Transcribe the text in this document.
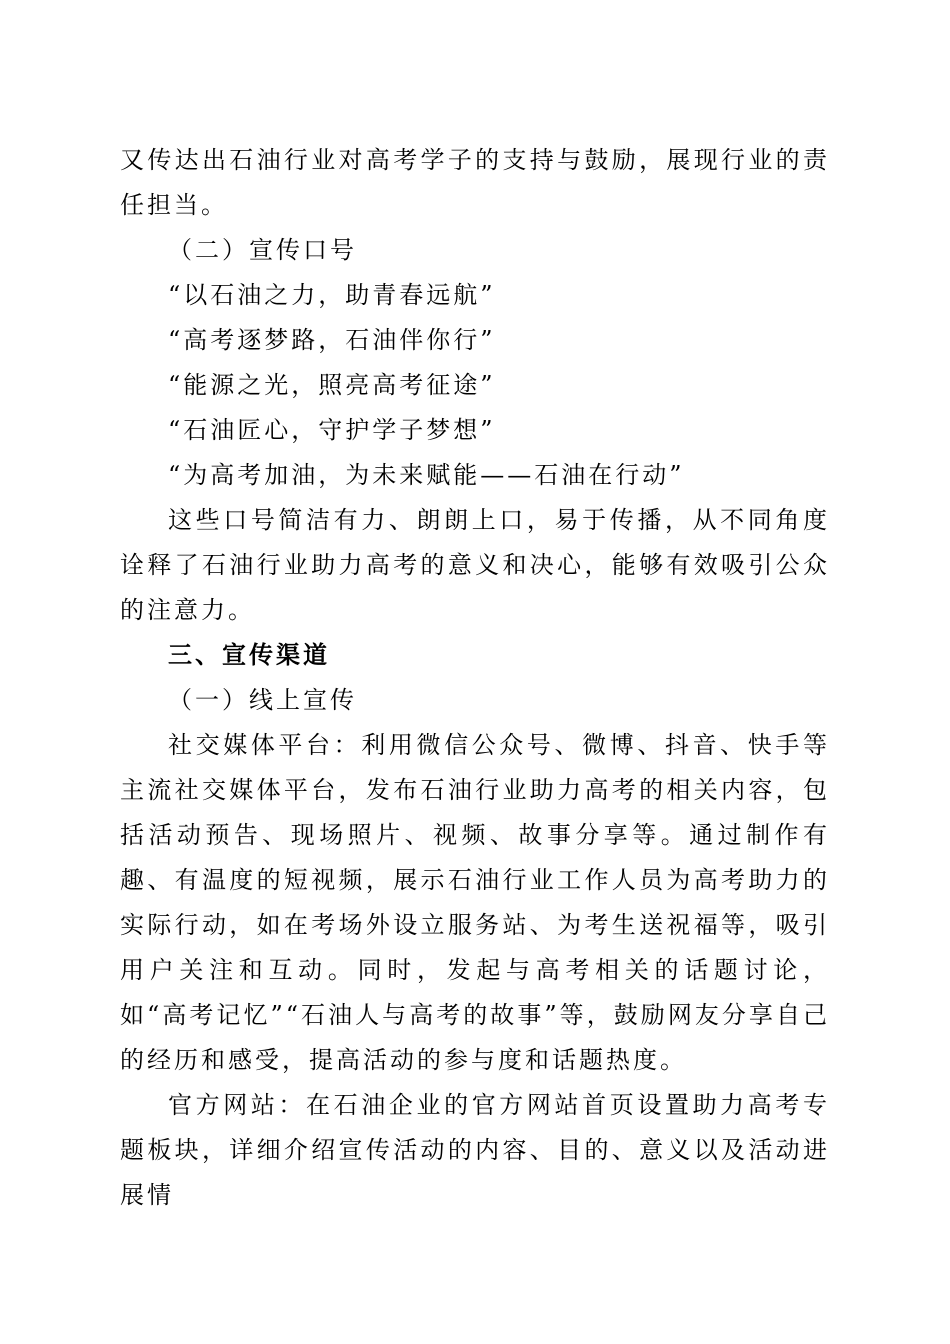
又传达出石油行业对高考学子的支持与鼓励，展现行业的责任担当。

（二）宣传口号

“以石油之力，助青春远航”

“高考逐梦路，石油伴你行”

“能源之光，照亮高考征途”

“石油匠心，守护学子梦想”

“为高考加油，为未来赋能——石油在行动”

这些口号简洁有力、朗朗上口，易于传播，从不同角度诠释了石油行业助力高考的意义和决心，能够有效吸引公众的注意力。

三、宣传渠道

（一）线上宣传

社交媒体平台：利用微信公众号、微博、抖音、快手等主流社交媒体平台，发布石油行业助力高考的相关内容，包括活动预告、现场照片、视频、故事分享等。通过制作有趣、有温度的短视频，展示石油行业工作人员为高考助力的实际行动，如在考场外设立服务站、为考生送祝福等，吸引用户关注和互动。同时，发起与高考相关的话题讨论，如“高考记忆”“石油人与高考的故事”等，鼓励网友分享自己的经历和感受，提高活动的参与度和话题热度。

官方网站：在石油企业的官方网站首页设置助力高考专题板块，详细介绍宣传活动的内容、目的、意义以及活动进展情
